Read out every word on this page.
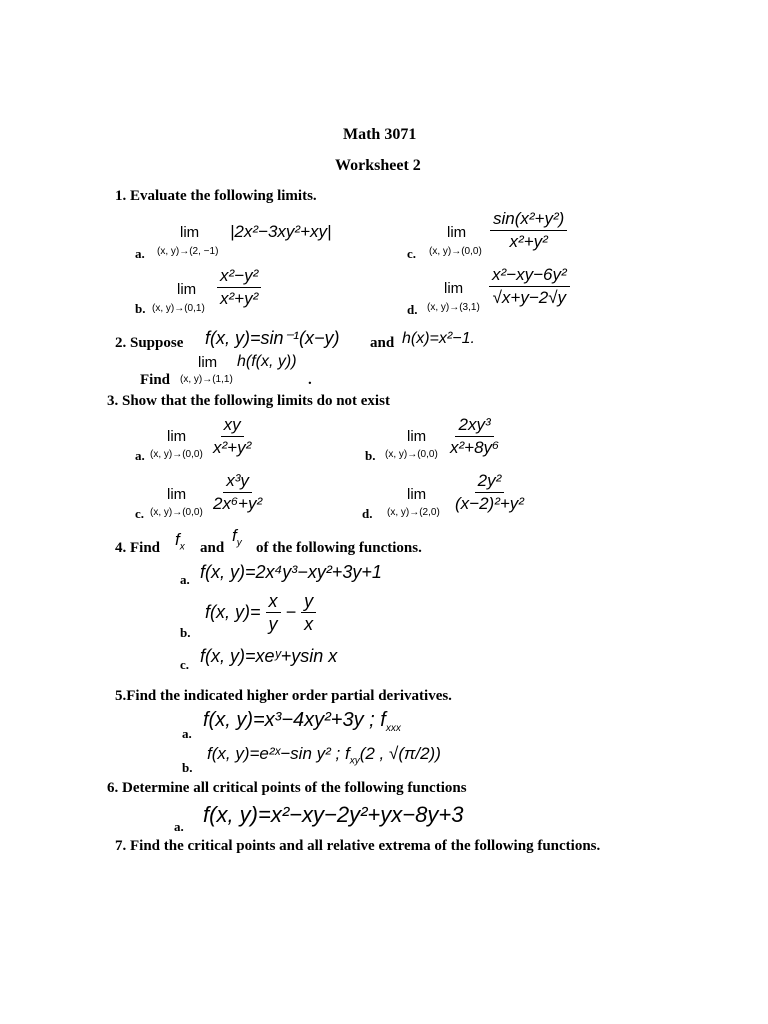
Math 3071
Worksheet 2
1. Evaluate the following limits.
a.
lim
(x, y)→(2, −1)
|2x²−3xy²+xy|
b.
lim
(x, $y)\to(0,1) \frac{\text{x²−y²}}{\text{x²+y²}}$
c.
lim
(x, $y)\to(0,0) \frac{\text{sin(x²+y²)}}{\text{x²+y²}}$
d.
lim
(x, $y)\to(3,1) \frac{\text{x²−xy−6y²}}{√x+y-2√y}$
2. Suppose f(x, y)=sin⁻¹(x−y) and h(x)=x²−1.
lim h(f(x, y))
Find (x, y)→(1,1)	.
3. Show that the following limits do not exist
a.
lim
(x, $y)\to(0,0) \frac{xy}{\text{x²+y²}}$	b.
lim
(x, $y)\to(0,0) \frac{\text{2xy³}}{\text{x²+8y⁶}}$
c.
lim
(x, $y)\to(0,0) \frac{\text{x³y}}{\text{2x⁶+y²}}$	d.
lim
(x, $y)\to(2,0) \frac{\text{2y²}}{\text{(x−2)²+y²}}$
4. Find $f_x$ and
$f_y$ of the following functions.
a. f(x, y)=2x⁴y³−xy²+3y+1
b.
f(x, $y)= \frac{x}{y} - \frac{y}{x}$
c. f(x, y)=xeʸ+ysin x
5.Find the indicated higher order partial derivatives.
a.
f(x, y)=x³−4xy²+3y ; $f_{xxx}$
b.
f(x, y)=e²ˣ−sin y² ; $f_{xy}(2$ , √(π/2))
6. Determine all critical points of the following functions
a. f(x, y)=x²−xy−2y²+yx−8y+3
7. Find the critical points and all relative extrema of the following functions.
